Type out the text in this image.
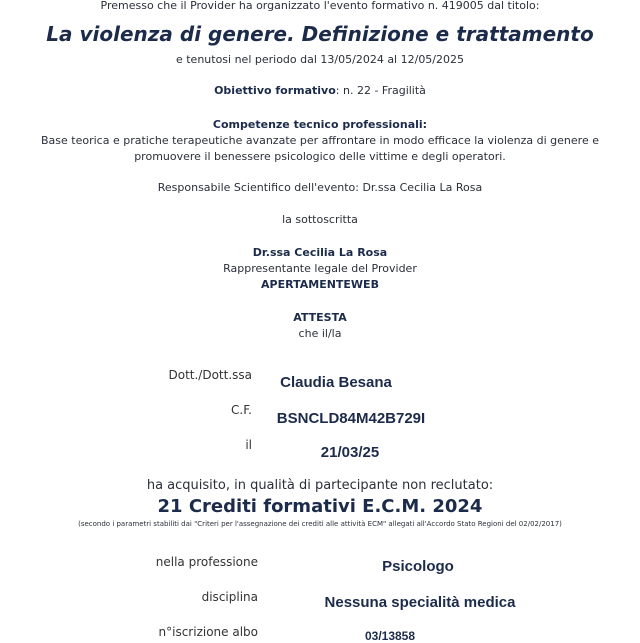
Premesso che il Provider ha organizzato l'evento formativo n. 419005 dal titolo:
La violenza di genere. Definizione e trattamento
e tenutosi nel periodo dal 13/05/2024 al 12/05/2025
Obiettivo formativo: n. 22 - Fragilità
Competenze tecnico professionali:
Base teorica e pratiche terapeutiche avanzate per affrontare in modo efficace la violenza di genere e
promuovere il benessere psicologico delle vittime e degli operatori.
Responsabile Scientifico dell'evento: Dr.ssa Cecilia La Rosa
la sottoscritta
Dr.ssa Cecilia La Rosa
Rappresentante legale del Provider
APERTAMENTEWEB
ATTESTA
che il/la
Dott./Dott.ssa	Claudia Besana
C.F.	BSNCLD84M42B729I
il	21/03/25
ha acquisito, in qualità di partecipante non reclutato:
21 Crediti formativi E.C.M. 2024
(secondo i parametri stabiliti dai "Criteri per l'assegnazione dei crediti alle attività ECM" allegati all'Accordo Stato Regioni del 02/02/2017)
nella professione	Psicologo
disciplina	Nessuna specialità medica
n°iscrizione albo	03/13858
